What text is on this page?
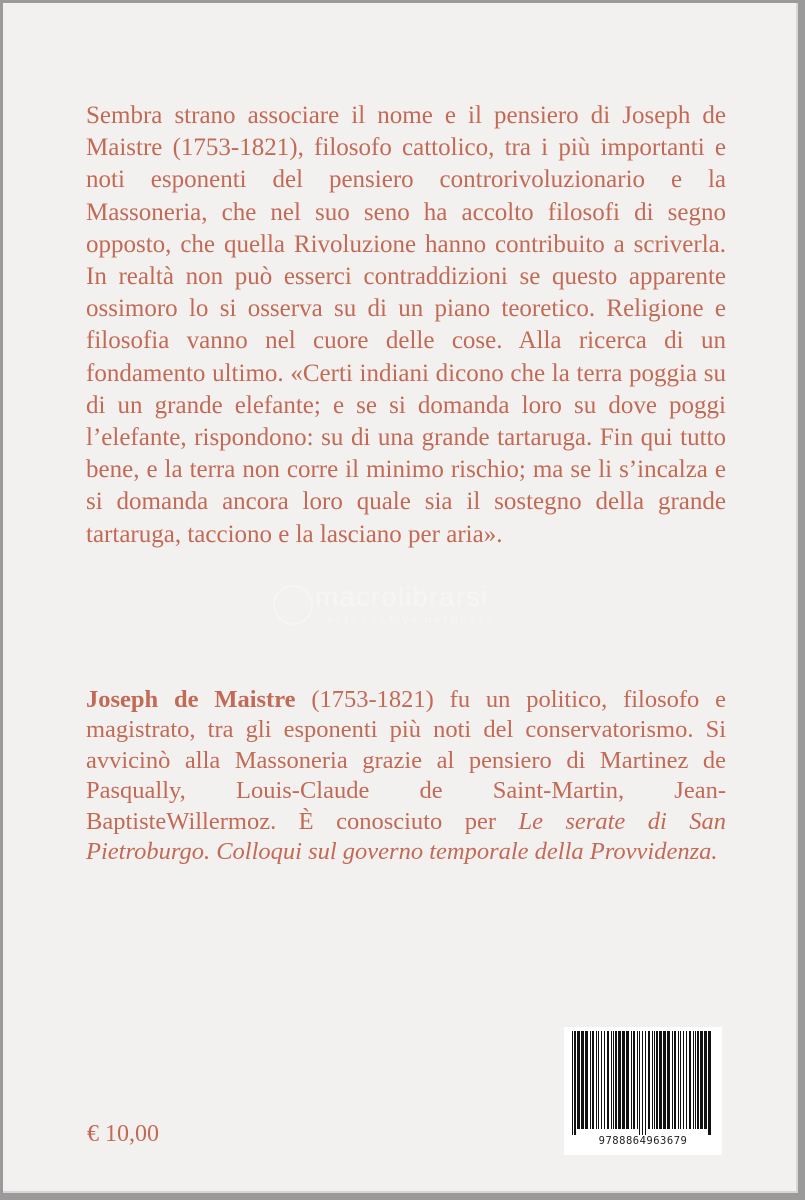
Sembra strano associare il nome e il pensiero di Joseph de Maistre (1753-1821), filosofo cattolico, tra i più importanti e noti esponenti del pensiero controrivoluzionario e la Massoneria, che nel suo seno ha accolto filosofi di segno opposto, che quella Rivoluzione hanno contribuito a scriverla. In realtà non può esserci contraddizioni se questo apparente ossimoro lo si osserva su di un piano teoretico. Religione e filosofia vanno nel cuore delle cose. Alla ricerca di un fondamento ultimo. «Certi indiani dicono che la terra poggia su di un grande elefante; e se si domanda loro su dove poggi l’elefante, rispondono: su di una grande tartaruga. Fin qui tutto bene, e la terra non corre il minimo rischio; ma se li s’incalza e si domanda ancora loro quale sia il sostegno della grande tartaruga, tacciono e la lasciano per aria».

macrolibrarsi
ALTERNATIVA NATURALE

Joseph de Maistre (1753-1821) fu un politico, filosofo e magistrato, tra gli esponenti più noti del conservatorismo. Si avvicinò alla Massoneria grazie al pensiero di Martinez de Pasqually, Louis-Claude de Saint-Martin, Jean-BaptisteWillermoz. È conosciuto per Le serate di San Pietroburgo. Colloqui sul governo temporale della Provvidenza.

€ 10,00	9788864963679
